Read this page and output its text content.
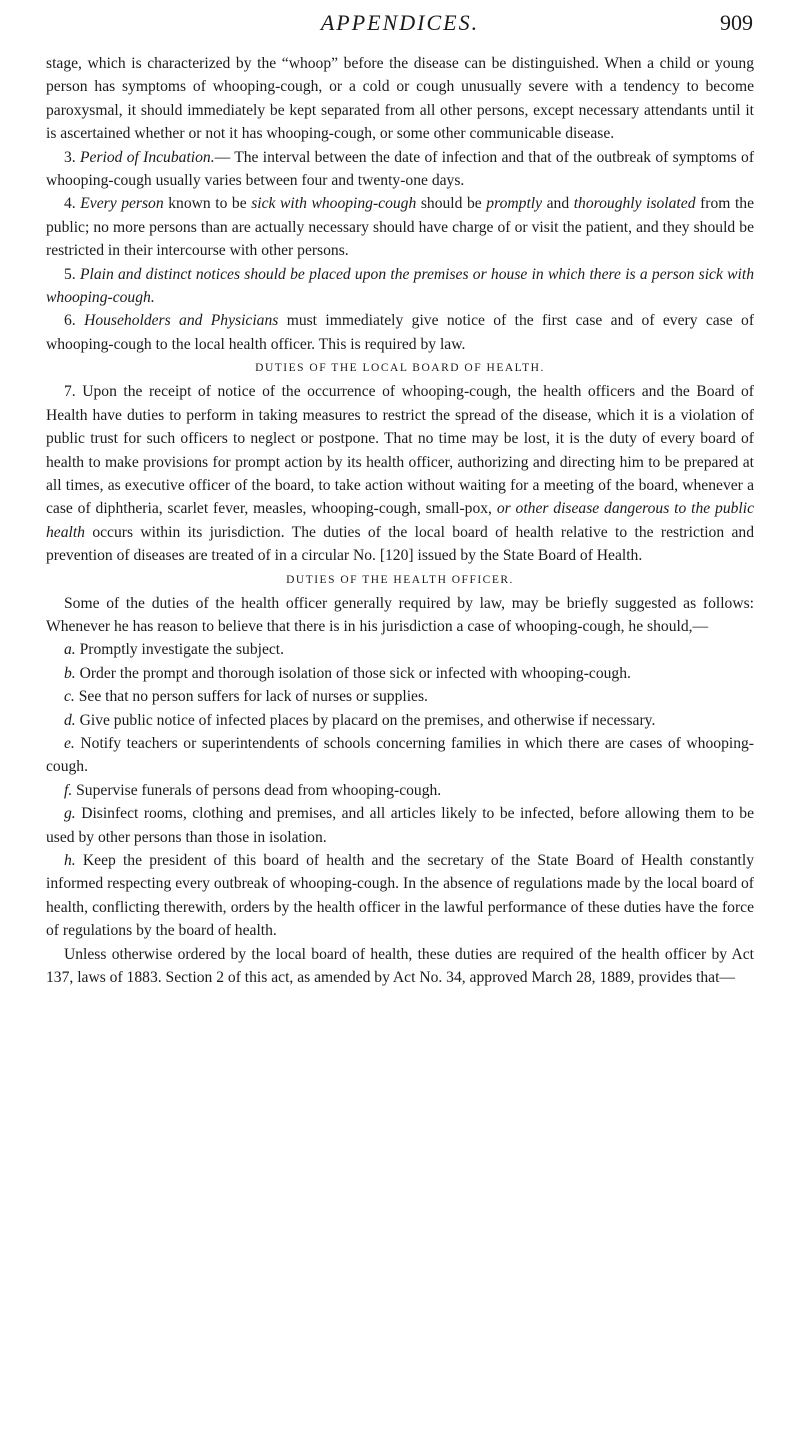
APPENDICES.	909

stage, which is characterized by the “whoop” before the disease can be distinguished. When a child or young person has symptoms of whooping-cough, or a cold or cough unusually severe with a tendency to become paroxysmal, it should immediately be kept separated from all other persons, except necessary attendants until it is ascertained whether or not it has whooping-cough, or some other communicable disease.

3. Period of Incubation.— The interval between the date of infection and that of the outbreak of symptoms of whooping-cough usually varies between four and twenty-one days.

4. Every person known to be sick with whooping-cough should be promptly and thoroughly isolated from the public; no more persons than are actually necessary should have charge of or visit the patient, and they should be restricted in their intercourse with other persons.

5. Plain and distinct notices should be placed upon the premises or house in which there is a person sick with whooping-cough.

6. Householders and Physicians must immediately give notice of the first case and of every case of whooping-cough to the local health officer. This is required by law.

DUTIES OF THE LOCAL BOARD OF HEALTH.

7. Upon the receipt of notice of the occurrence of whooping-cough, the health officers and the Board of Health have duties to perform in taking measures to restrict the spread of the disease, which it is a violation of public trust for such officers to neglect or postpone. That no time may be lost, it is the duty of every board of health to make provisions for prompt action by its health officer, authorizing and directing him to be prepared at all times, as executive officer of the board, to take action without waiting for a meeting of the board, whenever a case of diphtheria, scarlet fever, measles, whooping-cough, small-pox, or other disease dangerous to the public health occurs within its jurisdiction. The duties of the local board of health relative to the restriction and prevention of diseases are treated of in a circular No. [120] issued by the State Board of Health.

DUTIES OF THE HEALTH OFFICER.

Some of the duties of the health officer generally required by law, may be briefly suggested as follows: Whenever he has reason to believe that there is in his jurisdiction a case of whooping-cough, he should,—

a. Promptly investigate the subject.

b. Order the prompt and thorough isolation of those sick or infected with whooping-cough.

c. See that no person suffers for lack of nurses or supplies.

d. Give public notice of infected places by placard on the premises, and otherwise if necessary.

e. Notify teachers or superintendents of schools concerning families in which there are cases of whooping-cough.

f. Supervise funerals of persons dead from whooping-cough.

g. Disinfect rooms, clothing and premises, and all articles likely to be infected, before allowing them to be used by other persons than those in isolation.

h. Keep the president of this board of health and the secretary of the State Board of Health constantly informed respecting every outbreak of whooping-cough. In the absence of regulations made by the local board of health, conflicting therewith, orders by the health officer in the lawful performance of these duties have the force of regulations by the board of health.

Unless otherwise ordered by the local board of health, these duties are required of the health officer by Act 137, laws of 1883. Section 2 of this act, as amended by Act No. 34, approved March 28, 1889, provides that—
